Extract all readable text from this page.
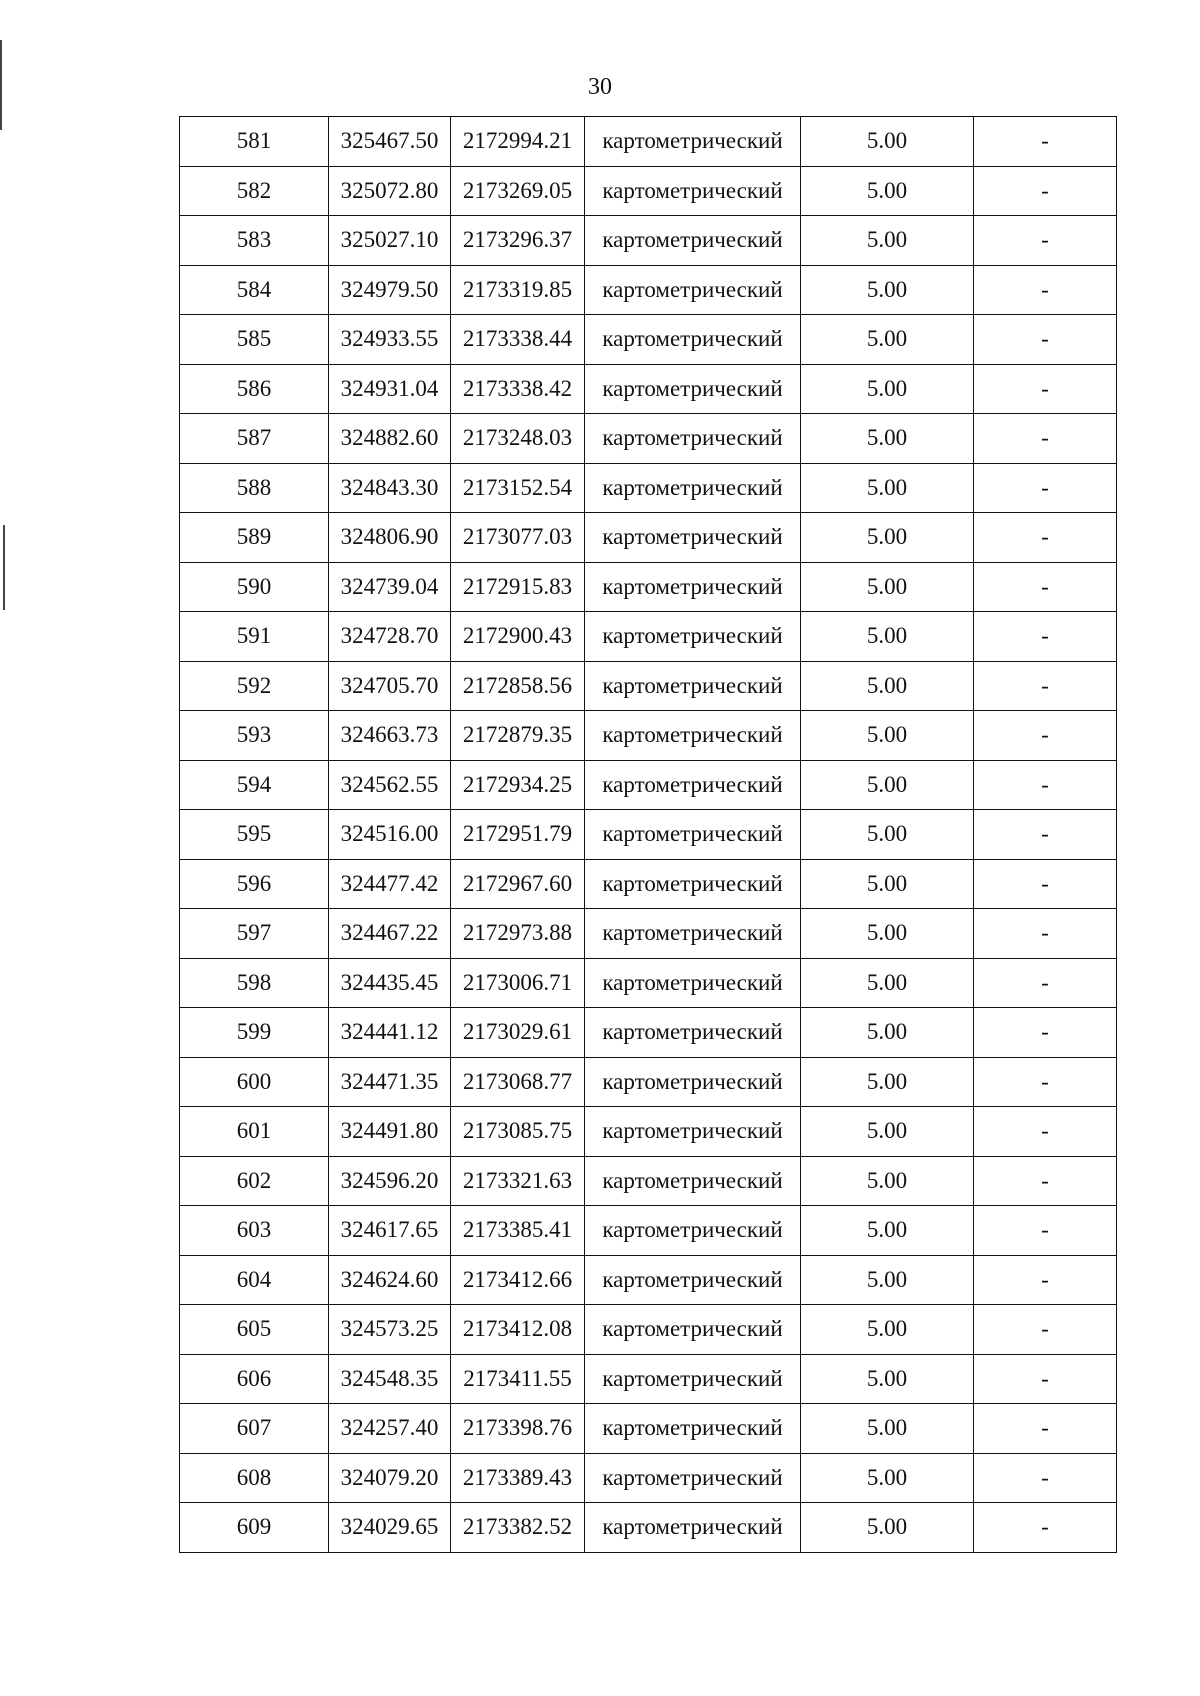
30
581	325467.50	2172994.21	картометрический	5.00	-
582	325072.80	2173269.05	картометрический	5.00	-
583	325027.10	2173296.37	картометрический	5.00	-
584	324979.50	2173319.85	картометрический	5.00	-
585	324933.55	2173338.44	картометрический	5.00	-
586	324931.04	2173338.42	картометрический	5.00	-
587	324882.60	2173248.03	картометрический	5.00	-
588	324843.30	2173152.54	картометрический	5.00	-
589	324806.90	2173077.03	картометрический	5.00	-
590	324739.04	2172915.83	картометрический	5.00	-
591	324728.70	2172900.43	картометрический	5.00	-
592	324705.70	2172858.56	картометрический	5.00	-
593	324663.73	2172879.35	картометрический	5.00	-
594	324562.55	2172934.25	картометрический	5.00	-
595	324516.00	2172951.79	картометрический	5.00	-
596	324477.42	2172967.60	картометрический	5.00	-
597	324467.22	2172973.88	картометрический	5.00	-
598	324435.45	2173006.71	картометрический	5.00	-
599	324441.12	2173029.61	картометрический	5.00	-
600	324471.35	2173068.77	картометрический	5.00	-
601	324491.80	2173085.75	картометрический	5.00	-
602	324596.20	2173321.63	картометрический	5.00	-
603	324617.65	2173385.41	картометрический	5.00	-
604	324624.60	2173412.66	картометрический	5.00	-
605	324573.25	2173412.08	картометрический	5.00	-
606	324548.35	2173411.55	картометрический	5.00	-
607	324257.40	2173398.76	картометрический	5.00	-
608	324079.20	2173389.43	картометрический	5.00	-
609	324029.65	2173382.52	картометрический	5.00	-
